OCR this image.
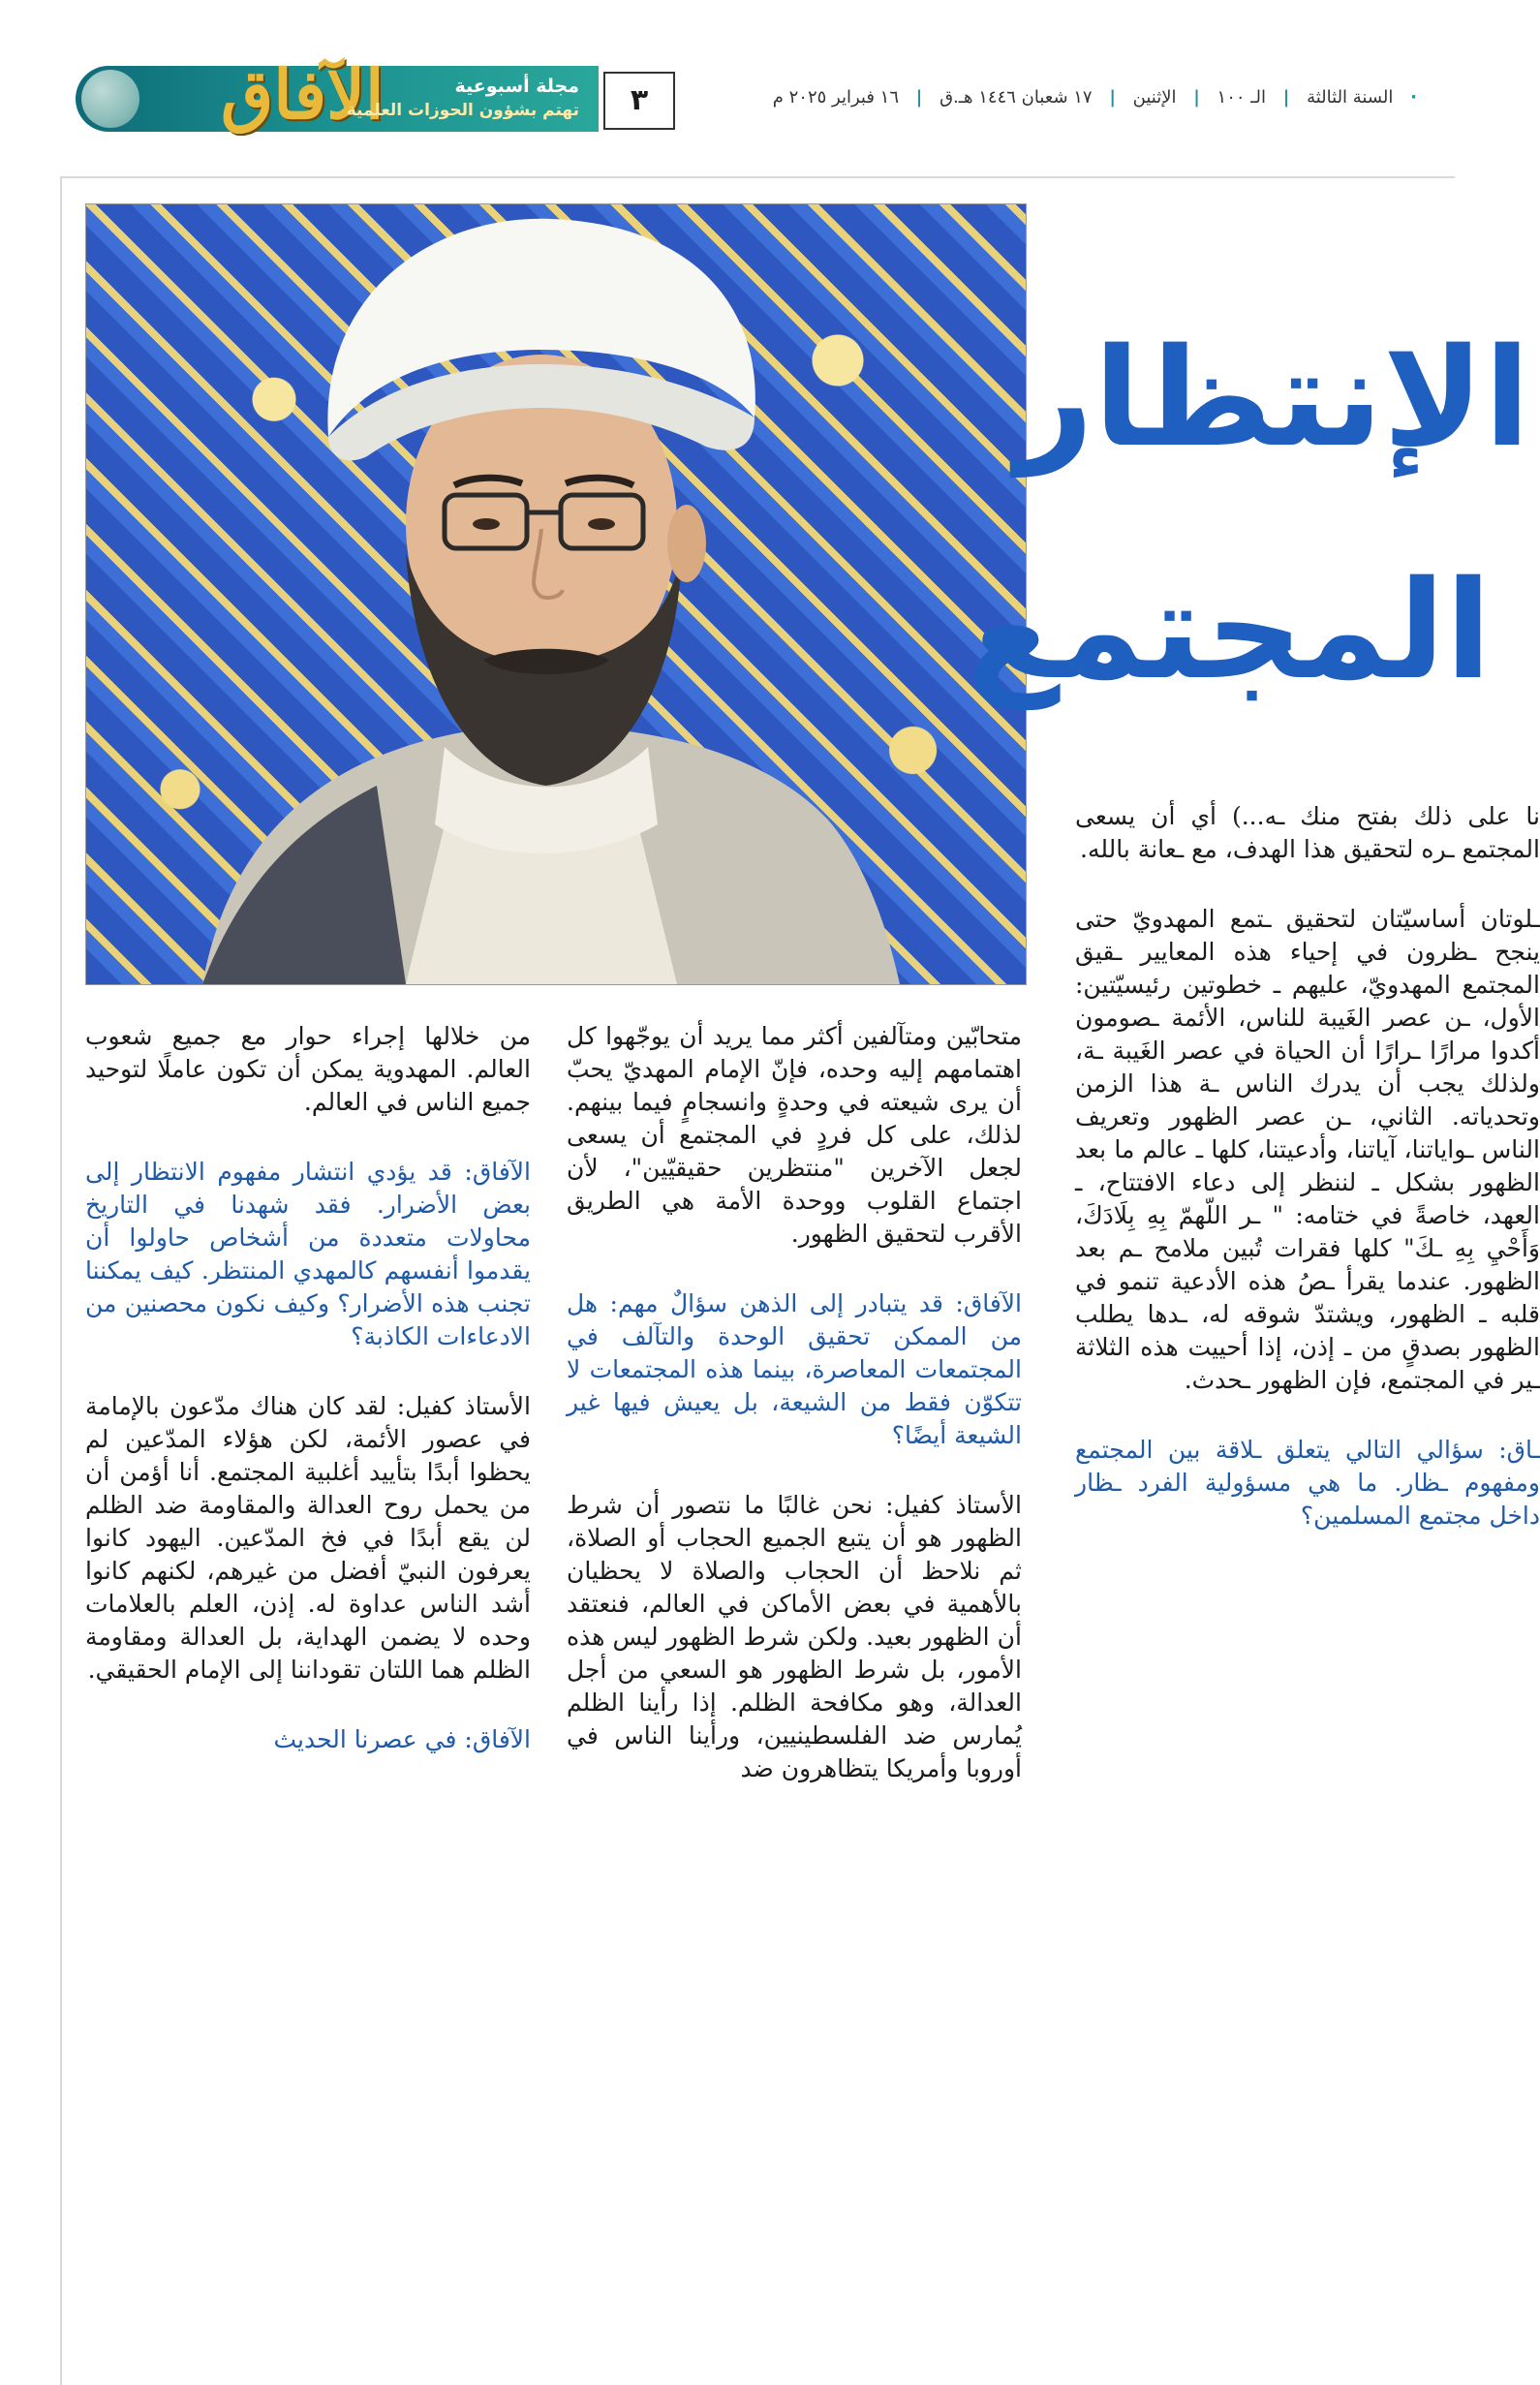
الآفاق	مجلة أسبوعية
تهتم بشؤون الحوزات العلمية	٣	· السنة الثالثة | الـ ١٠٠ | الإثنين | ١٧ شعبان ١٤٤٦ هـ.ق | ١٦ فبراير ٢٠٢٥ م
الإنتظار
المجتمع

نا على ذلك بفتح منك ـه...) أي أن يسعى المجتمع ـره لتحقيق هذا الهدف، مع ـعانة بالله.

ـلوتان أساسيّتان لتحقيق ـتمع المهدويّ حتى ينجح ـظرون في إحياء هذه المعايير ـقيق المجتمع المهدويّ، عليهم ـ خطوتين رئيسيّتين: الأول، ـن عصر الغَيبة للناس، الأئمة ـصومون أكدوا مرارًا ـرارًا أن الحياة في عصر الغَيبة ـة، ولذلك يجب أن يدرك الناس ـة هذا الزمن وتحدياته. الثاني، ـن عصر الظهور وتعريف الناس ـواياتنا، آياتنا، وأدعيتنا، كلها ـ عالم ما بعد الظهور بشكل ـ لننظر إلى دعاء الافتتاح، ـ العهد، خاصةً في ختامه: " ـر اللّهمّ بِهِ بِلَادَكَ، وَأَحْيِ بِهِ ـكَ" كلها فقرات تُبين ملامح ـم بعد الظهور. عندما يقرأ ـصُ هذه الأدعية تنمو في قلبه ـ الظهور، ويشتدّ شوقه له، ـدها يطلب الظهور بصدقٍ من ـ إذن، إذا أحييت هذه الثلاثة ـير في المجتمع، فإن الظهور ـحدث.

ـاق: سؤالي التالي يتعلق ـلاقة بين المجتمع ومفهوم ـظار. ما هي مسؤولية الفرد ـظار داخل مجتمع المسلمين؟

متحابّين ومتآلفين أكثر مما يريد أن يوجّهوا كل اهتمامهم إليه وحده، فإنّ الإمام المهديّ يحبّ أن يرى شيعته في وحدةٍ وانسجامٍ فيما بينهم. لذلك، على كل فردٍ في المجتمع أن يسعى لجعل الآخرين "منتظرين حقيقيّين"، لأن اجتماع القلوب ووحدة الأمة هي الطريق الأقرب لتحقيق الظهور.

الآفاق: قد يتبادر إلى الذهن سؤالٌ مهم: هل من الممكن تحقيق الوحدة والتآلف في المجتمعات المعاصرة، بينما هذه المجتمعات لا تتكوّن فقط من الشيعة، بل يعيش فيها غير الشيعة أيضًا؟

الأستاذ كفيل: نحن غالبًا ما نتصور أن شرط الظهور هو أن يتبع الجميع الحجاب أو الصلاة، ثم نلاحظ أن الحجاب والصلاة لا يحظيان بالأهمية في بعض الأماكن في العالم، فنعتقد أن الظهور بعيد. ولكن شرط الظهور ليس هذه الأمور، بل شرط الظهور هو السعي من أجل العدالة، وهو مكافحة الظلم. إذا رأينا الظلم يُمارس ضد الفلسطينيين، ورأينا الناس في أوروبا وأمريكا يتظاهرون ضد

من خلالها إجراء حوار مع جميع شعوب العالم. المهدوية يمكن أن تكون عاملًا لتوحيد جميع الناس في العالم.

الآفاق: قد يؤدي انتشار مفهوم الانتظار إلى بعض الأضرار. فقد شهدنا في التاريخ محاولات متعددة من أشخاص حاولوا أن يقدموا أنفسهم كالمهدي المنتظر. كيف يمكننا تجنب هذه الأضرار؟ وكيف نكون محصنين من الادعاءات الكاذبة؟

الأستاذ كفيل: لقد كان هناك مدّعون بالإمامة في عصور الأئمة، لكن هؤلاء المدّعين لم يحظوا أبدًا بتأييد أغلبية المجتمع. أنا أؤمن أن من يحمل روح العدالة والمقاومة ضد الظلم لن يقع أبدًا في فخ المدّعين. اليهود كانوا يعرفون النبيّ أفضل من غيرهم، لكنهم كانوا أشد الناس عداوة له. إذن، العلم بالعلامات وحده لا يضمن الهداية، بل العدالة ومقاومة الظلم هما اللتان تقوداننا إلى الإمام الحقيقي.

الآفاق: في عصرنا الحديث
